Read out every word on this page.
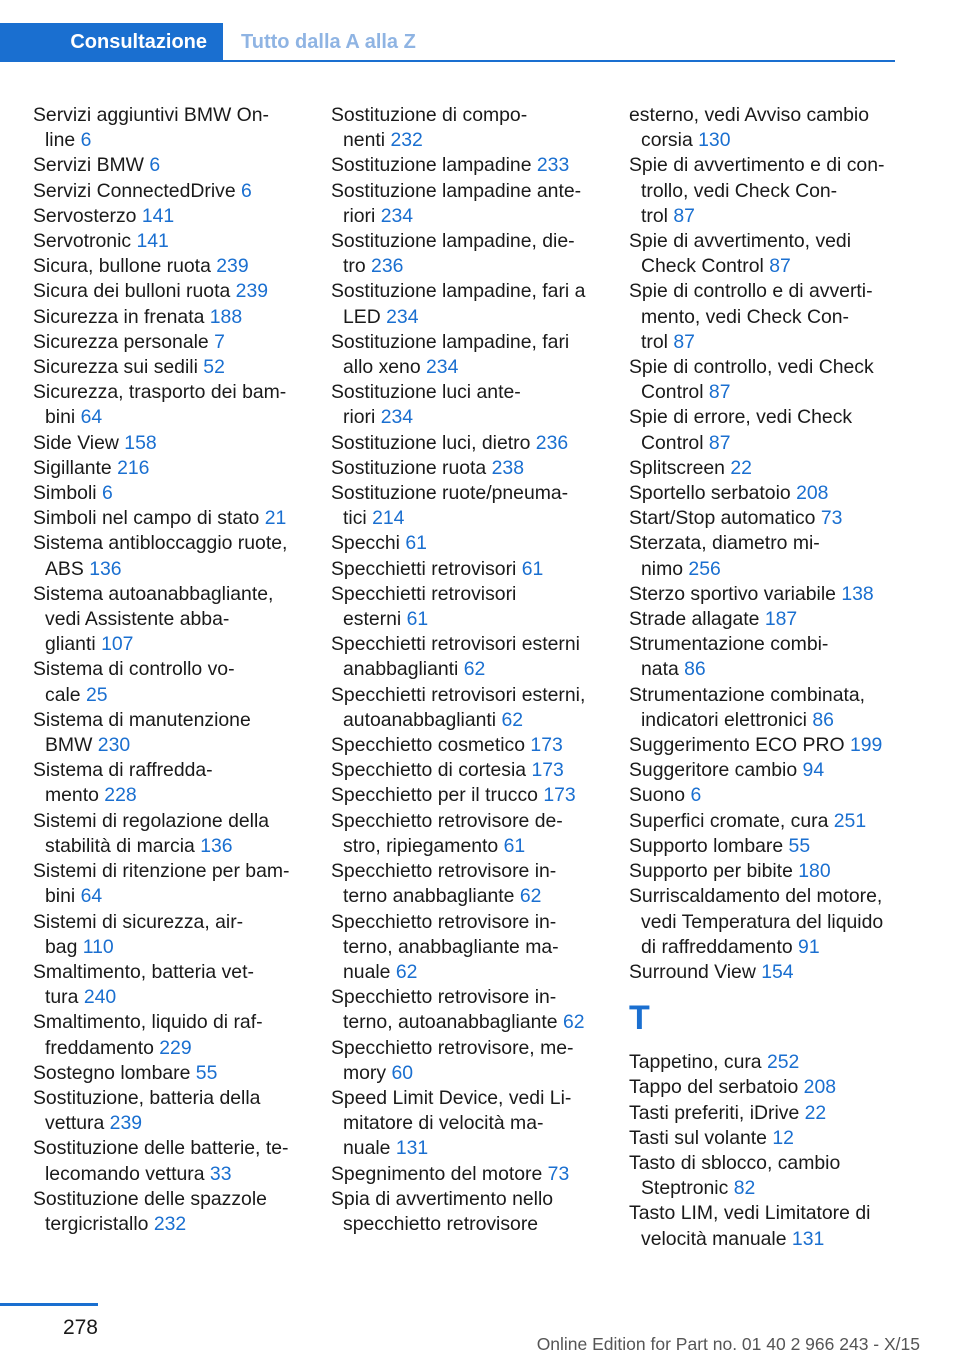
Consultazione	Tutto dalla A alla Z
Servizi aggiuntivi BMW On‐
line 6
Servizi BMW 6
Servizi ConnectedDrive 6
Servosterzo 141
Servotronic 141
Sicura, bullone ruota 239
Sicura dei bulloni ruota 239
Sicurezza in frenata 188
Sicurezza personale 7
Sicurezza sui sedili 52
Sicurezza, trasporto dei bam‐
bini 64
Side View 158
Sigillante 216
Simboli 6
Simboli nel campo di stato 21
Sistema antibloccaggio ruote,
ABS 136
Sistema autoanabbagliante,
vedi Assistente abba‐
glianti 107
Sistema di controllo vo‐
cale 25
Sistema di manutenzione
BMW 230
Sistema di raffredda‐
mento 228
Sistemi di regolazione della
stabilità di marcia 136
Sistemi di ritenzione per bam‐
bini 64
Sistemi di sicurezza, air‐
bag 110
Smaltimento, batteria vet‐
tura 240
Smaltimento, liquido di raf‐
freddamento 229
Sostegno lombare 55
Sostituzione, batteria della
vettura 239
Sostituzione delle batterie, te‐
lecomando vettura 33
Sostituzione delle spazzole
tergicristallo 232
Sostituzione di compo‐
nenti 232
Sostituzione lampadine 233
Sostituzione lampadine ante‐
riori 234
Sostituzione lampadine, die‐
tro 236
Sostituzione lampadine, fari a
LED 234
Sostituzione lampadine, fari
allo xeno 234
Sostituzione luci ante‐
riori 234
Sostituzione luci, dietro 236
Sostituzione ruota 238
Sostituzione ruote/pneuma‐
tici 214
Specchi 61
Specchietti retrovisori 61
Specchietti retrovisori
esterni 61
Specchietti retrovisori esterni
anabbaglianti 62
Specchietti retrovisori esterni,
autoanabbaglianti 62
Specchietto cosmetico 173
Specchietto di cortesia 173
Specchietto per il trucco 173
Specchietto retrovisore de‐
stro, ripiegamento 61
Specchietto retrovisore in‐
terno anabbagliante 62
Specchietto retrovisore in‐
terno, anabbagliante ma‐
nuale 62
Specchietto retrovisore in‐
terno, autoanabbagliante 62
Specchietto retrovisore, me‐
mory 60
Speed Limit Device, vedi Li‐
mitatore di velocità ma‐
nuale 131
Spegnimento del motore 73
Spia di avvertimento nello
specchietto retrovisore
esterno, vedi Avviso cambio
corsia 130
Spie di avvertimento e di con‐
trollo, vedi Check Con‐
trol 87
Spie di avvertimento, vedi
Check Control 87
Spie di controllo e di avverti‐
mento, vedi Check Con‐
trol 87
Spie di controllo, vedi Check
Control 87
Spie di errore, vedi Check
Control 87
Splitscreen 22
Sportello serbatoio 208
Start/Stop automatico 73
Sterzata, diametro mi‐
nimo 256
Sterzo sportivo variabile 138
Strade allagate 187
Strumentazione combi‐
nata 86
Strumentazione combinata,
indicatori elettronici 86
Suggerimento ECO PRO 199
Suggeritore cambio 94
Suono 6
Superfici cromate, cura 251
Supporto lombare 55
Supporto per bibite 180
Surriscaldamento del motore,
vedi Temperatura del liquido
di raffreddamento 91
Surround View 154
T
Tappetino, cura 252
Tappo del serbatoio 208
Tasti preferiti, iDrive 22
Tasti sul volante 12
Tasto di sblocco, cambio
Steptronic 82
Tasto LIM, vedi Limitatore di
velocità manuale 131
278
Online Edition for Part no. 01 40 2 966 243 - X/15
